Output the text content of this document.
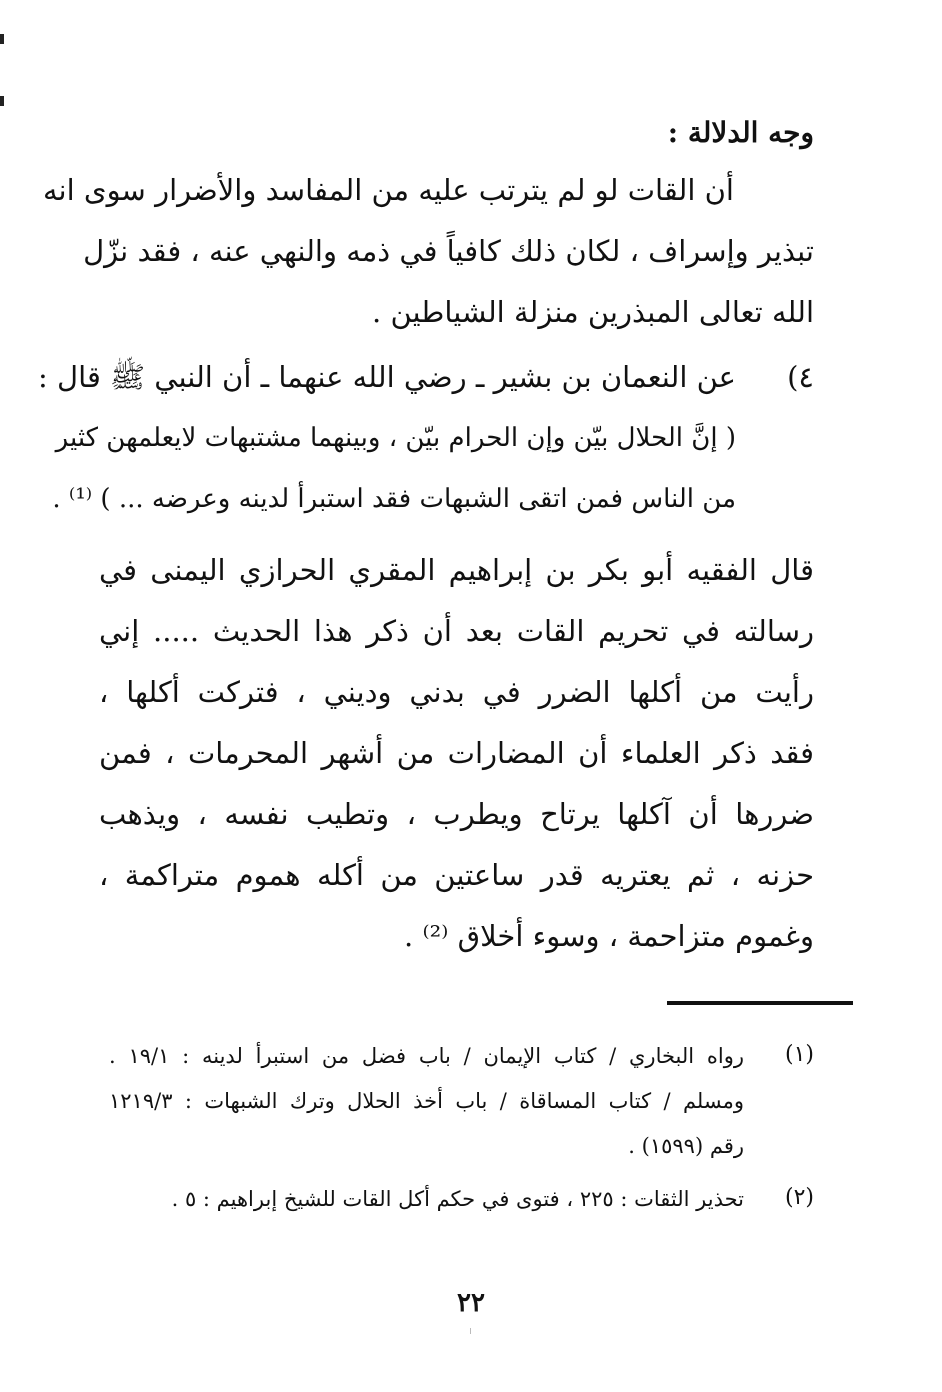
وجه الدلالة :
أن القات لو لم يترتب عليه من المفاسد والأضرار سوى انه
تبذير وإسراف ، لكان ذلك كافياً في ذمه والنهي عنه ، فقد نزّل
الله تعالى المبذرين منزلة الشياطين .
٤)
عن النعمان بن بشير ـ رضي الله عنهما ـ أن النبي ﷺ قال :
( إنَّ الحلال بيّن وإن الحرام بيّن ، وبينهما مشتبهات لايعلمهن كثير
من الناس فمن اتقى الشبهات فقد استبرأ لدينه وعرضه ... ) ⁽¹⁾ .
قال الفقيه أبو بكر بن إبراهيم المقري الحرازي اليمنى في
رسالته في تحريم القات بعد أن ذكر هذا الحديث ..... إني
رأيت من أكلها الضرر في بدني وديني ، فتركت أكلها ،
فقد ذكر العلماء أن المضارات من أشهر المحرمات ، فمن
ضررها أن آكلها يرتاح ويطرب ، وتطيب نفسه ، ويذهب
حزنه ، ثم يعتريه قدر ساعتين من أكله هموم متراكمة ،
وغموم متزاحمة ، وسوء أخلاق ⁽²⁾ .
(١)
رواه البخاري / كتاب الإيمان / باب فضل من استبرأ لدينه : ١٩/١ .
ومسلم / كتاب المساقاة / باب أخذ الحلال وترك الشبهات : ١٢١٩/٣
رقم (١٥٩٩) .
(٢)
تحذير الثقات : ٢٢٥ ، فتوى في حكم أكل القات للشيخ إبراهيم : ٥ .
٢٢
